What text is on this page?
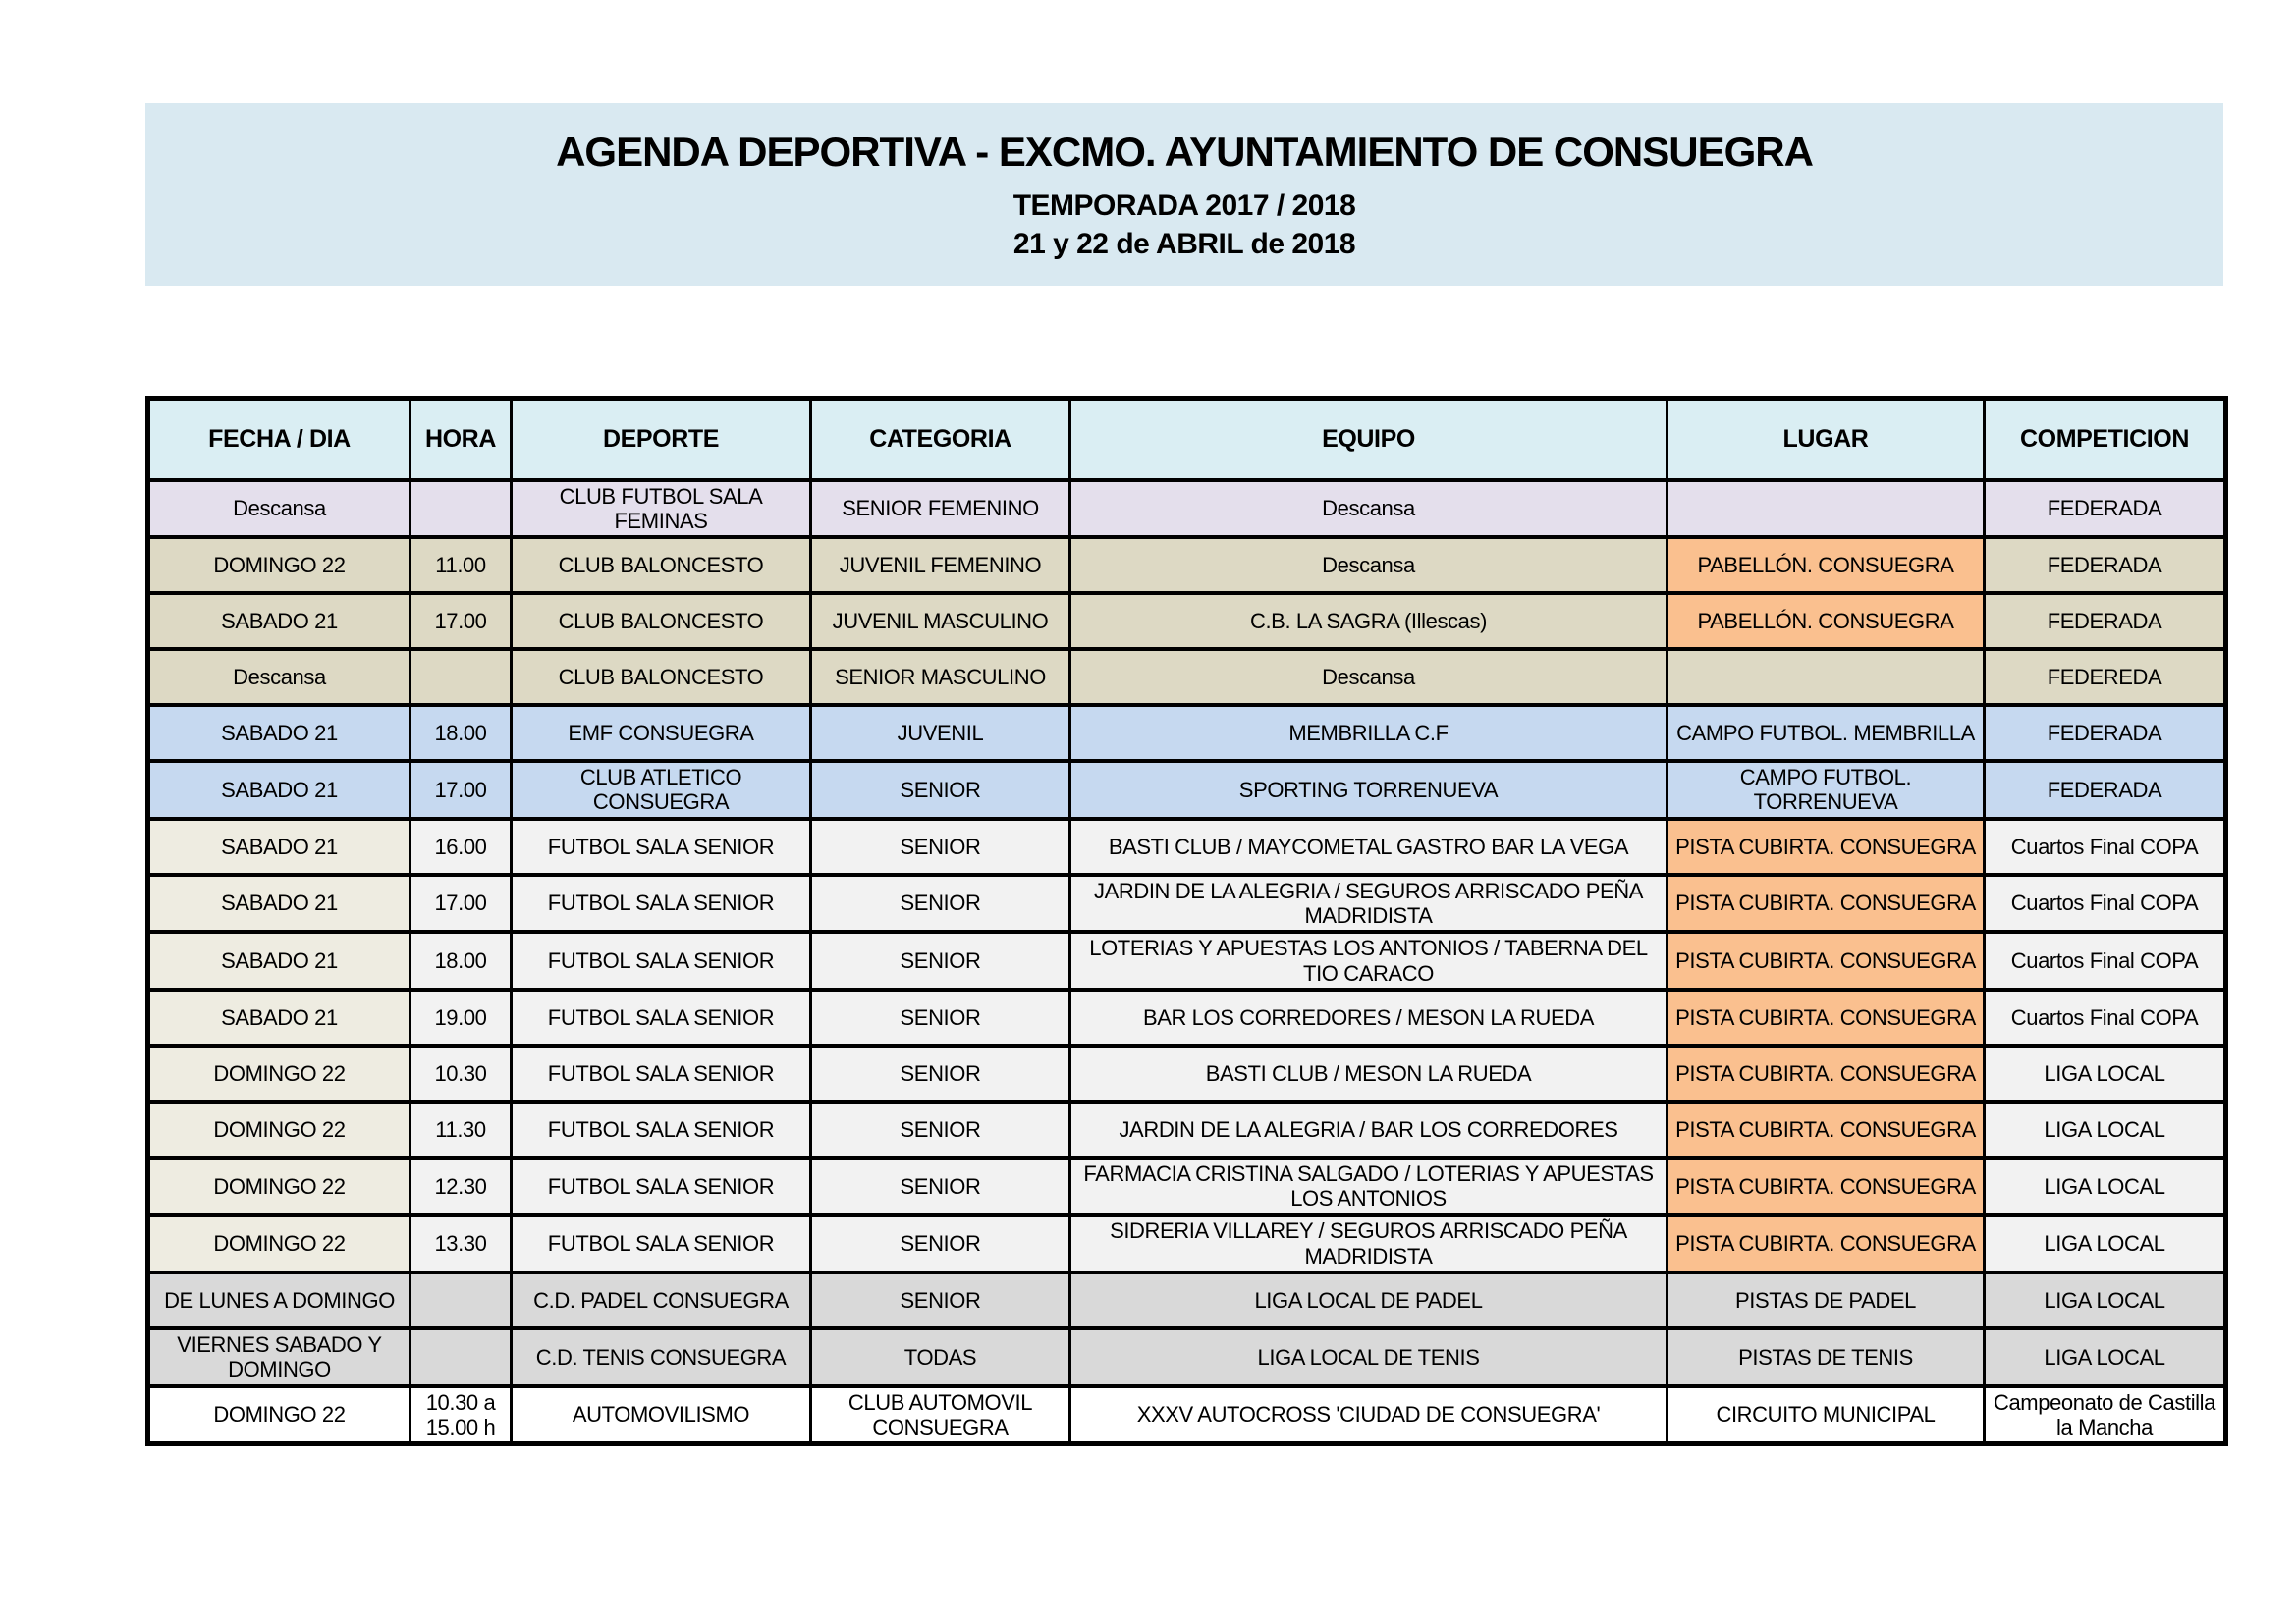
AGENDA DEPORTIVA - EXCMO. AYUNTAMIENTO DE CONSUEGRA
TEMPORADA 2017 / 2018
21 y 22 de ABRIL de 2018
FECHA / DIA	HORA	DEPORTE	CATEGORIA	EQUIPO	LUGAR	COMPETICION
Descansa		CLUB FUTBOL SALA FEMINAS	SENIOR FEMENINO	Descansa		FEDERADA
DOMINGO 22	11.00	CLUB BALONCESTO	JUVENIL FEMENINO	Descansa	PABELLÓN. CONSUEGRA	FEDERADA
SABADO 21	17.00	CLUB BALONCESTO	JUVENIL MASCULINO	C.B. LA SAGRA (Illescas)	PABELLÓN. CONSUEGRA	FEDERADA
Descansa		CLUB BALONCESTO	SENIOR MASCULINO	Descansa		FEDEREDA
SABADO 21	18.00	EMF CONSUEGRA	JUVENIL	MEMBRILLA C.F	CAMPO FUTBOL. MEMBRILLA	FEDERADA
SABADO 21	17.00	CLUB ATLETICO CONSUEGRA	SENIOR	SPORTING TORRENUEVA	CAMPO FUTBOL. TORRENUEVA	FEDERADA
SABADO 21	16.00	FUTBOL SALA SENIOR	SENIOR	BASTI CLUB / MAYCOMETAL GASTRO BAR LA VEGA	PISTA CUBIRTA. CONSUEGRA	Cuartos Final COPA
SABADO 21	17.00	FUTBOL SALA SENIOR	SENIOR	JARDIN DE LA ALEGRIA / SEGUROS ARRISCADO PEÑA MADRIDISTA	PISTA CUBIRTA. CONSUEGRA	Cuartos Final COPA
SABADO 21	18.00	FUTBOL SALA SENIOR	SENIOR	LOTERIAS Y APUESTAS LOS ANTONIOS / TABERNA DEL TIO CARACO	PISTA CUBIRTA. CONSUEGRA	Cuartos Final COPA
SABADO 21	19.00	FUTBOL SALA SENIOR	SENIOR	BAR LOS CORREDORES / MESON LA RUEDA	PISTA CUBIRTA. CONSUEGRA	Cuartos Final COPA
DOMINGO 22	10.30	FUTBOL SALA SENIOR	SENIOR	BASTI CLUB / MESON LA RUEDA	PISTA CUBIRTA. CONSUEGRA	LIGA LOCAL
DOMINGO 22	11.30	FUTBOL SALA SENIOR	SENIOR	JARDIN DE LA ALEGRIA / BAR LOS CORREDORES	PISTA CUBIRTA. CONSUEGRA	LIGA LOCAL
DOMINGO 22	12.30	FUTBOL SALA SENIOR	SENIOR	FARMACIA CRISTINA SALGADO / LOTERIAS Y APUESTAS LOS ANTONIOS	PISTA CUBIRTA. CONSUEGRA	LIGA LOCAL
DOMINGO 22	13.30	FUTBOL SALA SENIOR	SENIOR	SIDRERIA VILLAREY / SEGUROS ARRISCADO PEÑA MADRIDISTA	PISTA CUBIRTA. CONSUEGRA	LIGA LOCAL
DE LUNES A DOMINGO		C.D. PADEL CONSUEGRA	SENIOR	LIGA LOCAL DE PADEL	PISTAS DE PADEL	LIGA LOCAL
VIERNES SABADO Y DOMINGO		C.D. TENIS CONSUEGRA	TODAS	LIGA LOCAL DE TENIS	PISTAS DE TENIS	LIGA LOCAL
DOMINGO 22	10.30 a 15.00 h	AUTOMOVILISMO	CLUB AUTOMOVIL CONSUEGRA	XXXV AUTOCROSS 'CIUDAD DE CONSUEGRA'	CIRCUITO MUNICIPAL	Campeonato de Castilla la Mancha
